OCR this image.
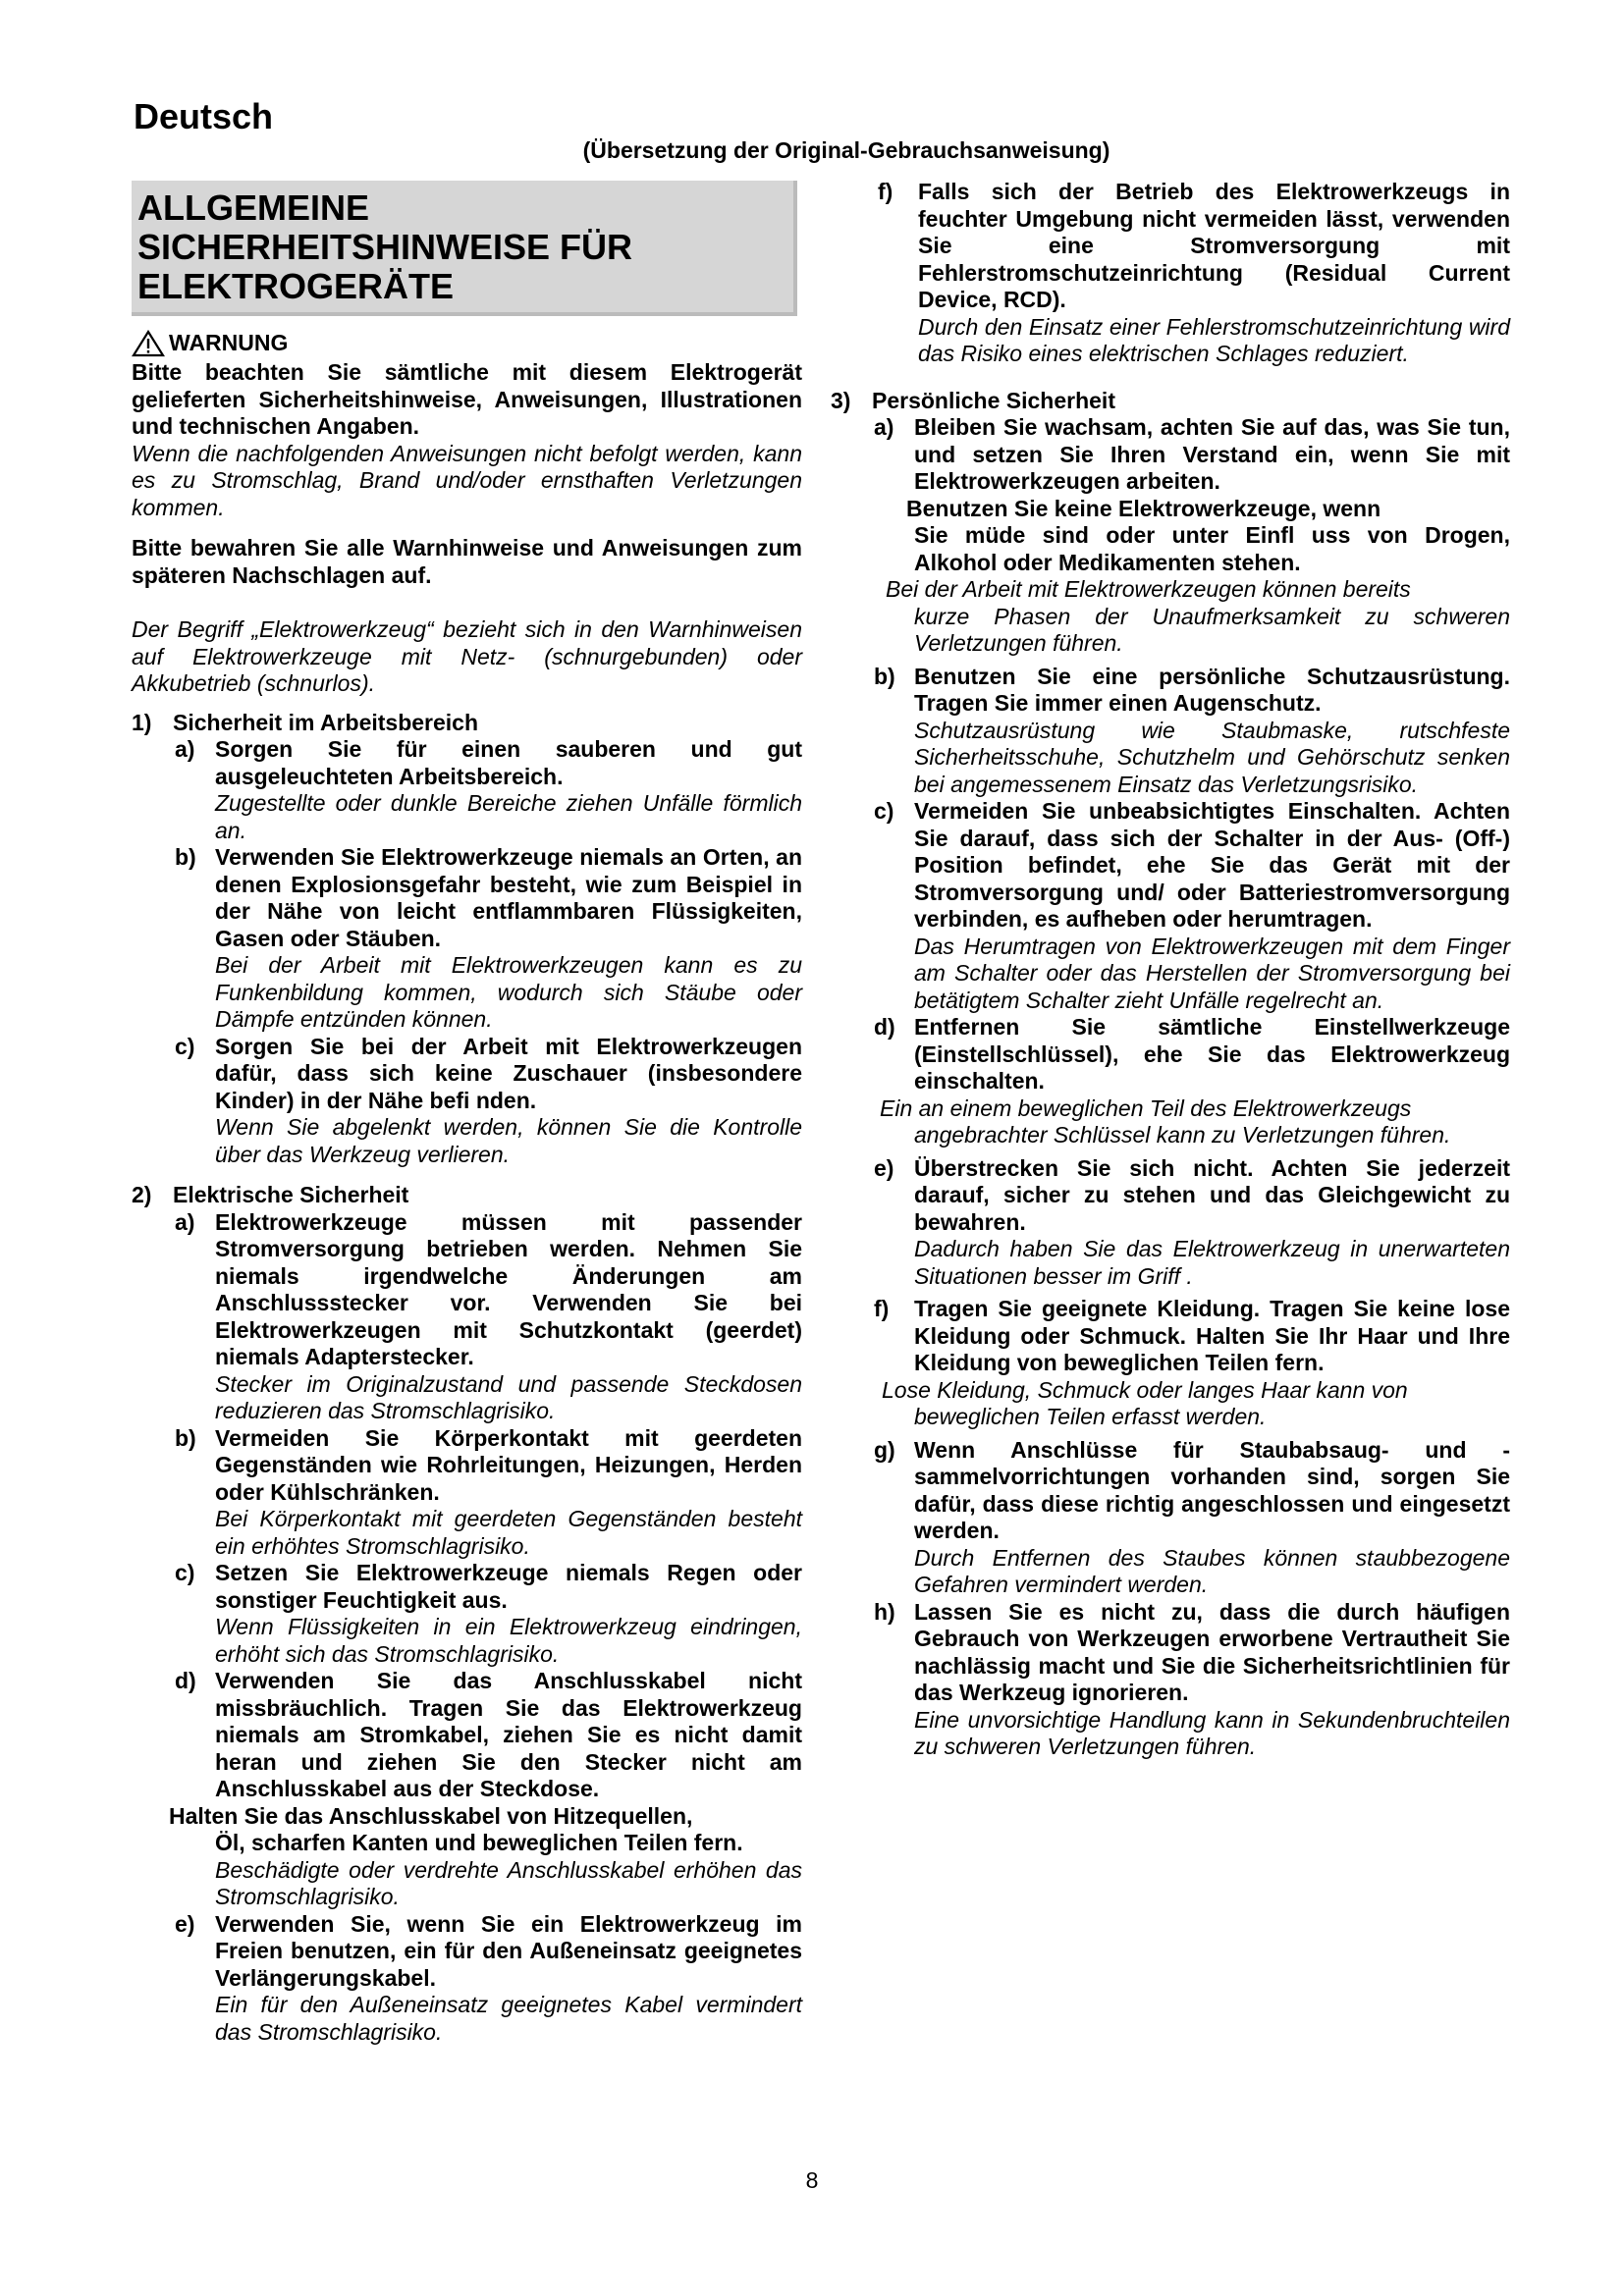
Deutsch
(Übersetzung der Original-Gebrauchsanweisung)
ALLGEMEINE SICHERHEITSHINWEISE FÜR ELEKTROGERÄTE
WARNUNG
Bitte beachten Sie sämtliche mit diesem Elektrogerät gelieferten Sicherheitshinweise, Anweisungen, Illustrationen und technischen Angaben.
Wenn die nachfolgenden Anweisungen nicht befolgt werden, kann es zu Stromschlag, Brand und/oder ernsthaften Verletzungen kommen.
Bitte bewahren Sie alle Warnhinweise und Anweisungen zum späteren Nachschlagen auf.
Der Begriff „Elektrowerkzeug“ bezieht sich in den Warnhinweisen auf Elektrowerkzeuge mit Netz- (schnurgebunden) oder Akkubetrieb (schnurlos).
1) Sicherheit im Arbeitsbereich
a) Sorgen Sie für einen sauberen und gut ausgeleuchteten Arbeitsbereich.
Zugestellte oder dunkle Bereiche ziehen Unfälle förmlich an.
b) Verwenden Sie Elektrowerkzeuge niemals an Orten, an denen Explosionsgefahr besteht, wie zum Beispiel in der Nähe von leicht entflammbaren Flüssigkeiten, Gasen oder Stäuben.
Bei der Arbeit mit Elektrowerkzeugen kann es zu Funkenbildung kommen, wodurch sich Stäube oder Dämpfe entzünden können.
c) Sorgen Sie bei der Arbeit mit Elektrowerkzeugen dafür, dass sich keine Zuschauer (insbesondere Kinder) in der Nähe befi nden.
Wenn Sie abgelenkt werden, können Sie die Kontrolle über das Werkzeug verlieren.
2) Elektrische Sicherheit
a) Elektrowerkzeuge müssen mit passender Stromversorgung betrieben werden. Nehmen Sie niemals irgendwelche Änderungen am Anschlussstecker vor. Verwenden Sie bei Elektrowerkzeugen mit Schutzkontakt (geerdet) niemals Adapterstecker.
Stecker im Originalzustand und passende Steckdosen reduzieren das Stromschlagrisiko.
b) Vermeiden Sie Körperkontakt mit geerdeten Gegenständen wie Rohrleitungen, Heizungen, Herden oder Kühlschränken.
Bei Körperkontakt mit geerdeten Gegenständen besteht ein erhöhtes Stromschlagrisiko.
c) Setzen Sie Elektrowerkzeuge niemals Regen oder sonstiger Feuchtigkeit aus.
Wenn Flüssigkeiten in ein Elektrowerkzeug eindringen, erhöht sich das Stromschlagrisiko.
d) Verwenden Sie das Anschlusskabel nicht missbräuchlich. Tragen Sie das Elektrowerkzeug niemals am Stromkabel, ziehen Sie es nicht damit heran und ziehen Sie den Stecker nicht am Anschlusskabel aus der Steckdose.
Halten Sie das Anschlusskabel von Hitzequellen,
Öl, scharfen Kanten und beweglichen Teilen fern.
Beschädigte oder verdrehte Anschlusskabel erhöhen das Stromschlagrisiko.
e) Verwenden Sie, wenn Sie ein Elektrowerkzeug im Freien benutzen, ein für den Außeneinsatz geeignetes Verlängerungskabel.
Ein für den Außeneinsatz geeignetes Kabel vermindert das Stromschlagrisiko.
f)	Falls sich der Betrieb des Elektrowerkzeugs in feuchter Umgebung nicht vermeiden lässt, verwenden Sie eine Stromversorgung mit Fehlerstromschutzeinrichtung (Residual Current Device, RCD).
Durch den Einsatz einer Fehlerstromschutzeinrichtung wird das Risiko eines elektrischen Schlages reduziert.
3) Persönliche Sicherheit
a) Bleiben Sie wachsam, achten Sie auf das, was Sie tun, und setzen Sie Ihren Verstand ein, wenn Sie mit Elektrowerkzeugen arbeiten.
Benutzen Sie keine Elektrowerkzeuge, wenn
Sie müde sind oder unter Einfl uss von Drogen, Alkohol oder Medikamenten stehen.
Bei der Arbeit mit Elektrowerkzeugen können bereits
kurze Phasen der Unaufmerksamkeit zu schweren Verletzungen führen.
b) Benutzen Sie eine persönliche Schutzausrüstung. Tragen Sie immer einen Augenschutz.
Schutzausrüstung wie Staubmaske, rutschfeste Sicherheitsschuhe, Schutzhelm und Gehörschutz senken bei angemessenem Einsatz das Verletzungsrisiko.
c) Vermeiden Sie unbeabsichtigtes Einschalten. Achten Sie darauf, dass sich der Schalter in der Aus- (Off-) Position befindet, ehe Sie das Gerät mit der Stromversorgung und/ oder Batteriestromversorgung verbinden, es aufheben oder herumtragen.
Das Herumtragen von Elektrowerkzeugen mit dem Finger am Schalter oder das Herstellen der Stromversorgung bei betätigtem Schalter zieht Unfälle regelrecht an.
d) Entfernen Sie sämtliche Einstellwerkzeuge (Einstellschlüssel), ehe Sie das Elektrowerkzeug einschalten.
Ein an einem beweglichen Teil des Elektrowerkzeugs
angebrachter Schlüssel kann zu Verletzungen führen.
e) Überstrecken Sie sich nicht. Achten Sie jederzeit darauf, sicher zu stehen und das Gleichgewicht zu bewahren.
Dadurch haben Sie das Elektrowerkzeug in unerwarteten Situationen besser im Griff .
f)	Tragen Sie geeignete Kleidung. Tragen Sie keine lose Kleidung oder Schmuck. Halten Sie Ihr Haar und Ihre Kleidung von beweglichen Teilen fern.
Lose Kleidung, Schmuck oder langes Haar kann von
beweglichen Teilen erfasst werden.
g) Wenn Anschlüsse für Staubabsaug- und -sammelvorrichtungen vorhanden sind, sorgen Sie dafür, dass diese richtig angeschlossen und eingesetzt werden.
Durch Entfernen des Staubes können staubbezogene Gefahren vermindert werden.
h) Lassen Sie es nicht zu, dass die durch häufigen Gebrauch von Werkzeugen erworbene Vertrautheit Sie nachlässig macht und Sie die Sicherheitsrichtlinien für das Werkzeug ignorieren.
Eine unvorsichtige Handlung kann in Sekundenbruchteilen zu schweren Verletzungen führen.
8
